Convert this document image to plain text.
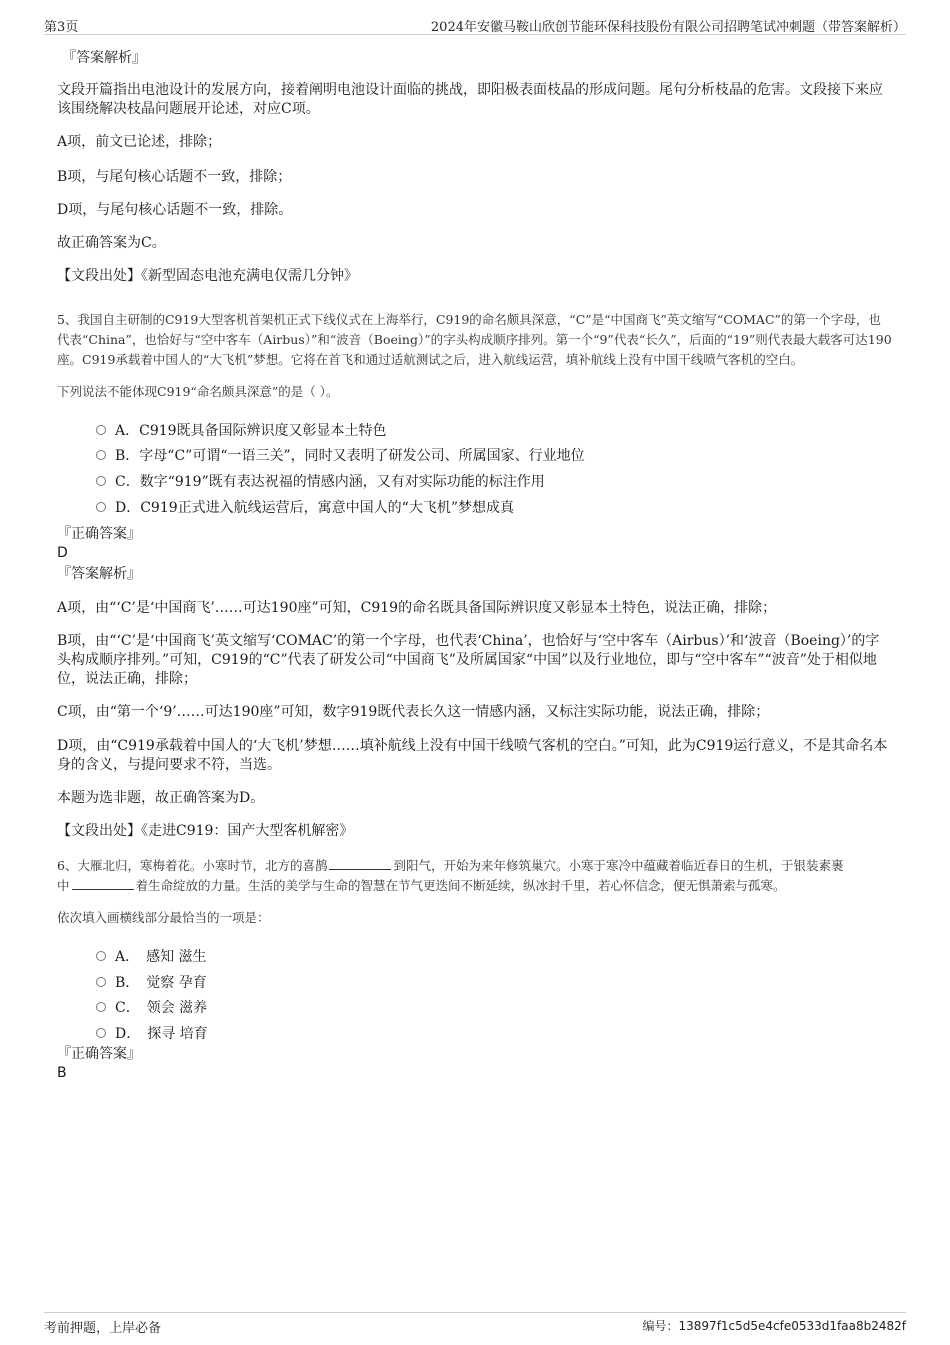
第3页	2024年安徽马鞍山欣创节能环保科技股份有限公司招聘笔试冲刺题（带答案解析）
『答案解析』
文段开篇指出电池设计的发展方向，接着阐明电池设计面临的挑战，即阳极表面枝晶的形成问题。尾句分析枝晶的危害。文段接下来应该围绕解决枝晶问题展开论述，对应C项。
A项，前文已论述，排除；
B项，与尾句核心话题不一致，排除；
D项，与尾句核心话题不一致，排除。
故正确答案为C。
【文段出处】《新型固态电池充满电仅需几分钟》
5、我国自主研制的C919大型客机首架机正式下线仪式在上海举行，C919的命名颇具深意，“C”是“中国商飞”英文缩写“COMAC”的第一个字母，也代表“China”，也恰好与“空中客车（Airbus）”和“波音（Boeing）”的字头构成顺序排列。第一个“9”代表“长久”，后面的“19”则代表最大载客可达190座。C919承载着中国人的“大飞机”梦想。它将在首飞和通过适航测试之后，进入航线运营，填补航线上没有中国干线喷气客机的空白。
下列说法不能体现C919“命名颇具深意”的是（ ）。
A．C919既具备国际辨识度又彰显本土特色
B．字母“C”可谓“一语三关”，同时又表明了研发公司、所属国家、行业地位
C．数字“919”既有表达祝福的情感内涵，又有对实际功能的标注作用
D．C919正式进入航线运营后，寓意中国人的“大飞机”梦想成真
『正确答案』
D
『答案解析』
A项，由“‘C’是‘中国商飞’……可达190座”可知，C919的命名既具备国际辨识度又彰显本土特色，说法正确，排除；
B项，由“‘C’是‘中国商飞’英文缩写‘COMAC’的第一个字母，也代表‘China’，也恰好与‘空中客车（Airbus）’和‘波音（Boeing）’的字头构成顺序排列。”可知，C919的“C”代表了研发公司“中国商飞”及所属国家“中国”以及行业地位，即与“空中客车”“波音”处于相似地位，说法正确，排除；
C项，由“第一个‘9’……可达190座”可知，数字919既代表长久这一情感内涵，又标注实际功能，说法正确，排除；
D项，由“C919承载着中国人的‘大飞机’梦想……填补航线上没有中国干线喷气客机的空白。”可知，此为C919运行意义，不是其命名本身的含义，与提问要求不符，当选。
本题为选非题，故正确答案为D。
【文段出处】《走进C919：国产大型客机解密》
6、大雁北归，寒梅着花。小寒时节，北方的喜鹊	到阳气，开始为来年修筑巢穴。小寒于寒冷中蕴藏着临近春日的生机，于银装素裹
中	着生命绽放的力量。生活的美学与生命的智慧在节气更迭间不断延续，纵冰封千里，若心怀信念，便无惧萧索与孤寒。
依次填入画横线部分最恰当的一项是：
A．　感知 滋生
B．　觉察 孕育
C．　领会 滋养
D．　探寻 培育
『正确答案』
B
考前押题，上岸必备	编号：13897f1c5d5e4cfe0533d1faa8b2482f
